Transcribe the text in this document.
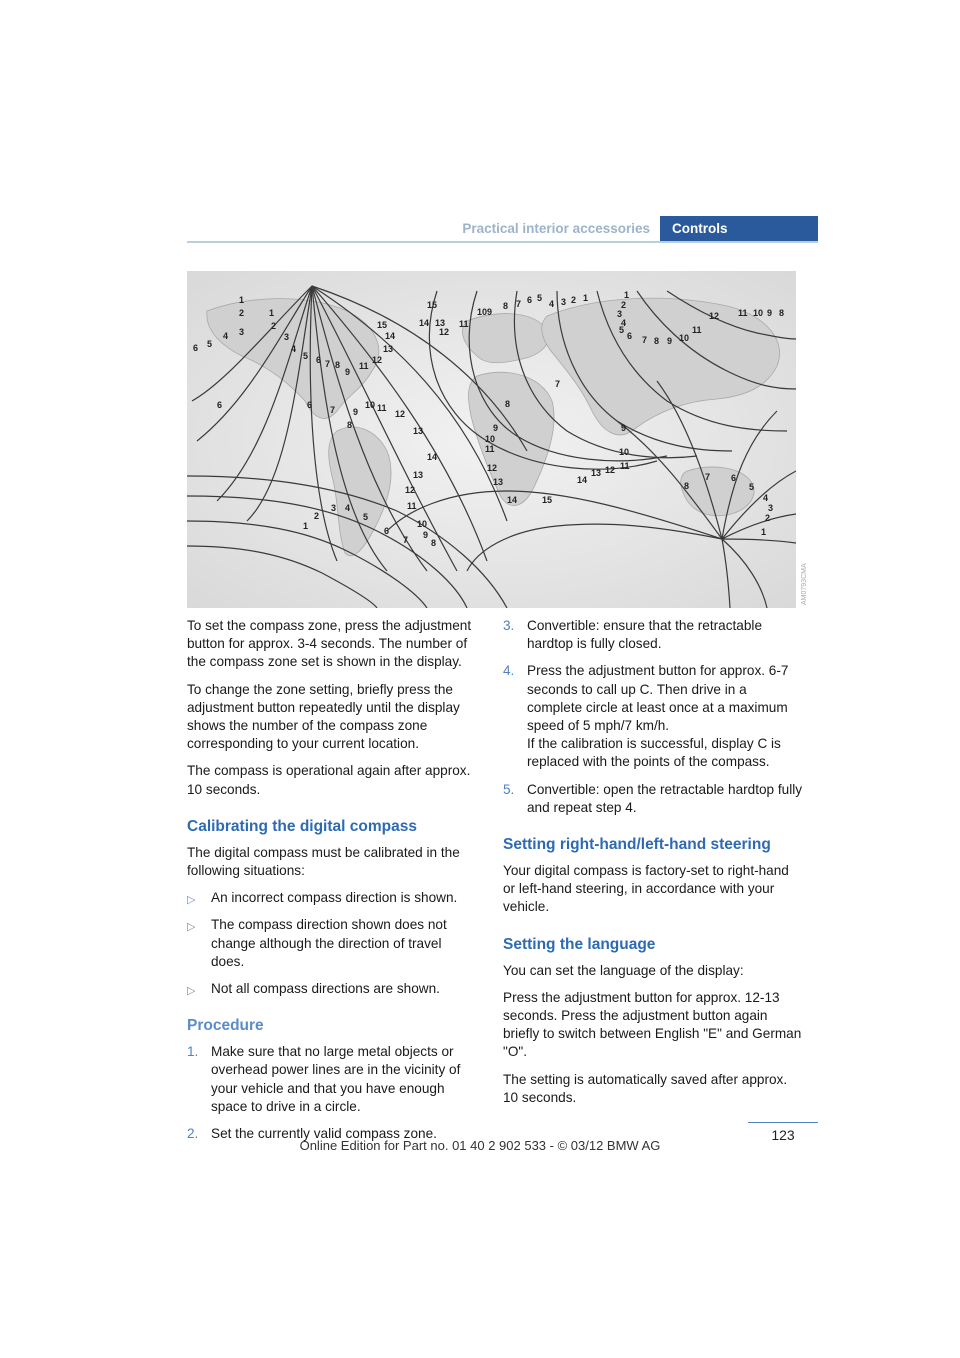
Practical interior accessories	Controls
1
2	1
4 3
2
3
4
6 5
5 6 7 8
9
11
12
13
14
15
15
14 13
12
11
10 9
8 7 6 5
4 3 2 1	1
2
3
4
5
6 7 8 9 10
11
12 11 10 9 8
6	6 7 9
8
10 11
12
13
14
13
12
11
10
9
8
7
6
5
4
3
2
1
7
8
9
10
11
12
13
14	15
14
13 12 11
10
9
8
7 6
5
4
3
2
1
AM0793CMA

To set the compass zone, press the adjustment button for approx. 3-4 seconds. The number of the compass zone set is shown in the display.

To change the zone setting, briefly press the adjustment button repeatedly until the display shows the number of the compass zone corresponding to your current location.

The compass is operational again after approx. 10 seconds.

Calibrating the digital compass

The digital compass must be calibrated in the following situations:

▷ An incorrect compass direction is shown.
▷ The compass direction shown does not change although the direction of travel does.
▷ Not all compass directions are shown.
Procedure
1. Make sure that no large metal objects or overhead power lines are in the vicinity of your vehicle and that you have enough space to drive in a circle.
2. Set the currently valid compass zone.
3. Convertible: ensure that the retractable hardtop is fully closed.
4. Press the adjustment button for approx. 6-7 seconds to call up C. Then drive in a complete circle at least once at a maximum speed of 5 mph/7 km/h.
If the calibration is successful, display C is replaced with the points of the compass.
5. Convertible: open the retractable hardtop fully and repeat step 4.
Setting right-hand/left-hand steering

Your digital compass is factory-set to right-hand or left-hand steering, in accordance with your vehicle.

Setting the language

You can set the language of the display:

Press the adjustment button for approx. 12-13 seconds. Press the adjustment button again briefly to switch between English "E" and German "O".

The setting is automatically saved after approx. 10 seconds.

123
Online Edition for Part no. 01 40 2 902 533 - © 03/12 BMW AG
